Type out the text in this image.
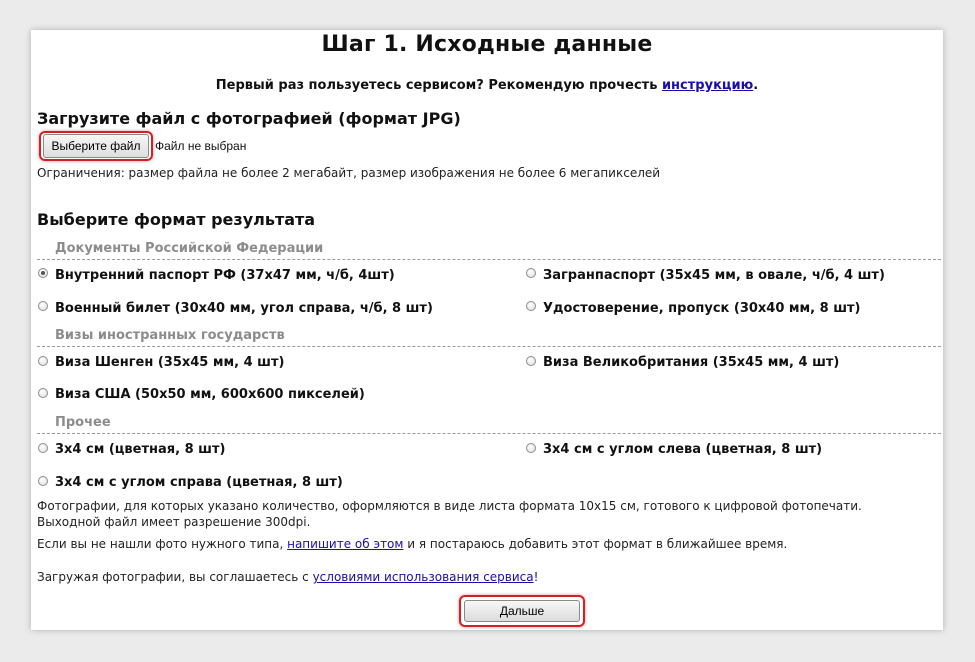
Шаг 1. Исходные данные
Первый раз пользуетесь сервисом? Рекомендую прочесть инструкцию.
Загрузите файл с фотографией (формат JPG)
Выберите файл	Файл не выбран
Ограничения: размер файла не более 2 мегабайт, размер изображения не более 6 мегапикселей
Выберите формат результата
Документы Российской Федерации
Внутренний паспорт РФ (37x47 мм, ч/б, 4шт)	Загранпаспорт (35x45 мм, в овале, ч/б, 4 шт)
Военный билет (30x40 мм, угол справа, ч/б, 8 шт)	Удостоверение, пропуск (30x40 мм, 8 шт)
Визы иностранных государств
Виза Шенген (35x45 мм, 4 шт)	Виза Великобритания (35x45 мм, 4 шт)
Виза США (50x50 мм, 600x600 пикселей)
Прочее
3x4 см (цветная, 8 шт)	3x4 см с углом слева (цветная, 8 шт)
3x4 см с углом справа (цветная, 8 шт)
Фотографии, для которых указано количество, оформляются в виде листа формата 10x15 см, готового к цифровой фотопечати.
Выходной файл имеет разрешение 300dpi.
Если вы не нашли фото нужного типа, напишите об этом и я постараюсь добавить этот формат в ближайшее время.
Загружая фотографии, вы соглашаетесь с условиями использования сервиса!
Дальше
